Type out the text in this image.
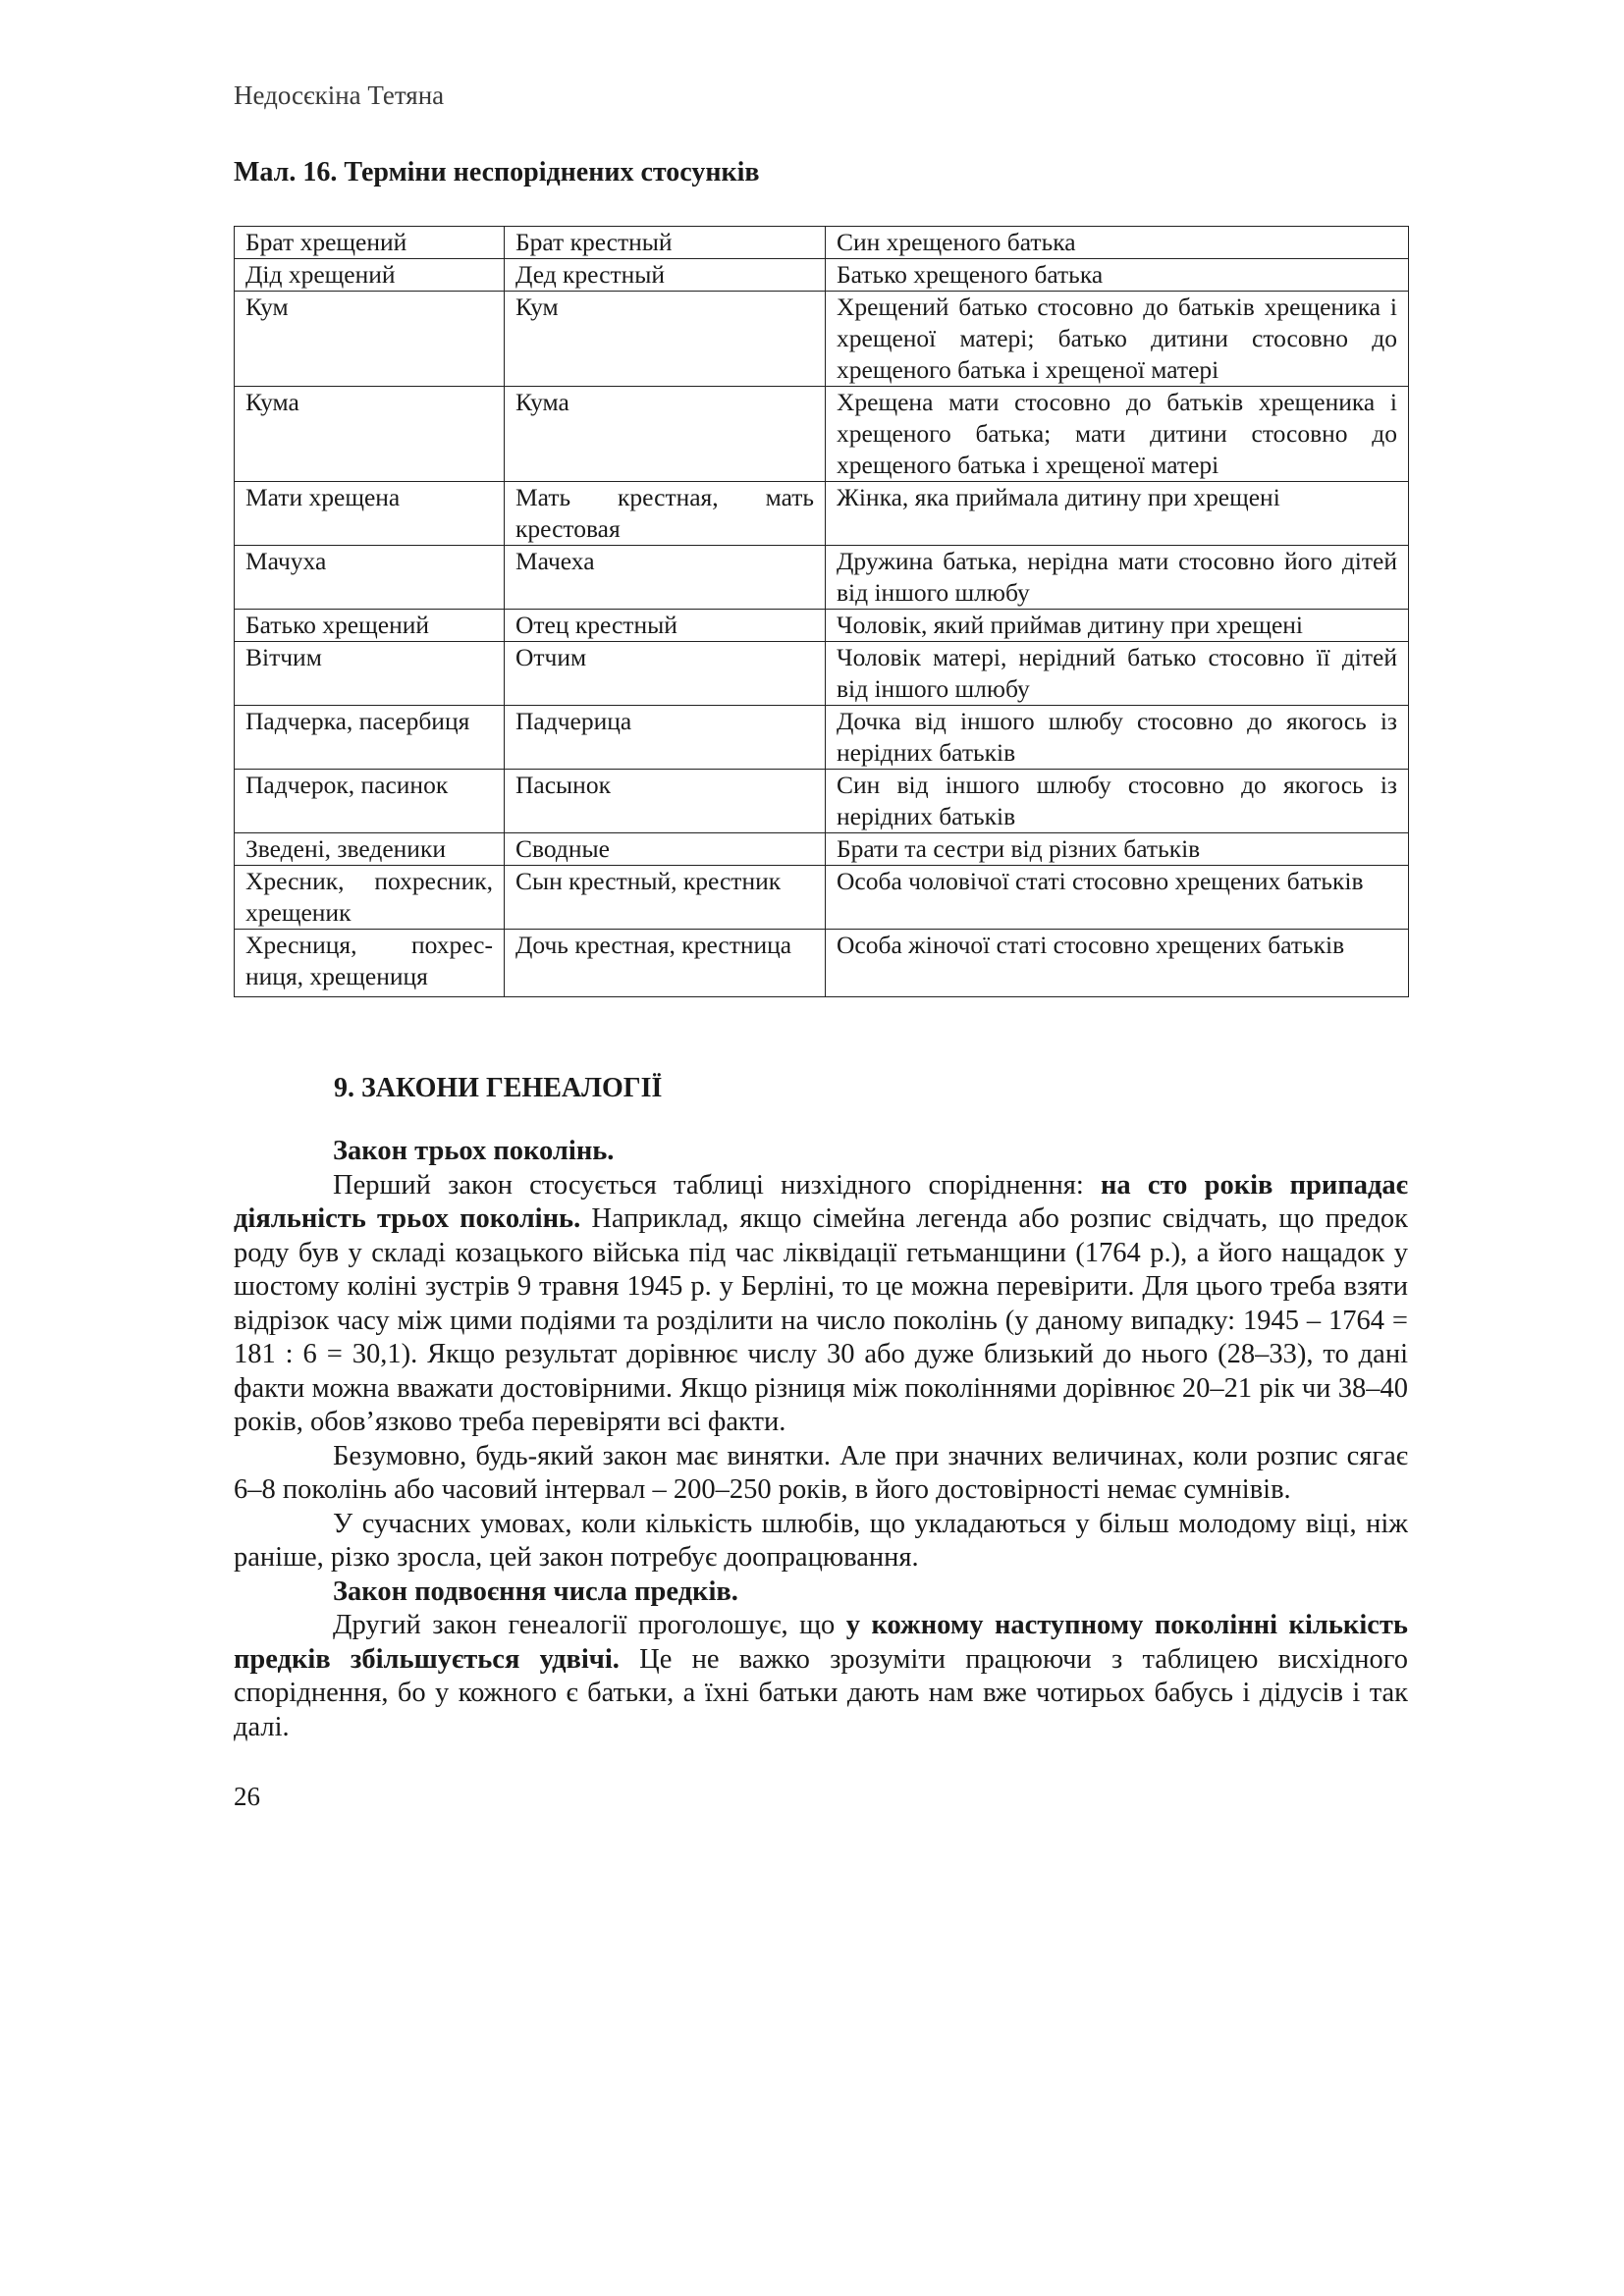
Недосєкіна Тетяна
Мал. 16. Терміни неспоріднених стосунків
Брат хрещений	Брат крестный	Син хрещеного батька
Дід хрещений	Дед крестный	Батько хрещеного батька
Кум	Кум	Хрещений батько стосовно до батьків хрещеника і хрещеної матері; батько дитини стосовно до хрещеного батька і хрещеної матері
Кума	Кума	Хрещена мати стосовно до батьків хрещеника і хрещеного батька; мати дитини стосовно до хрещеного батька і хрещеної матері
Мати хрещена	Мать крестная, мать крестовая	Жінка, яка приймала дитину при хрещені
Мачуха	Мачеха	Дружина батька, нерідна мати стосовно його дітей від іншого шлюбу
Батько хрещений	Отец крестный	Чоловік, який приймав дитину при хрещені
Вітчим	Отчим	Чоловік матері, нерідний батько стосовно її дітей від іншого шлюбу
Падчерка, пасербиця	Падчерица	Дочка від іншого шлюбу стосовно до якогось із нерідних батьків
Падчерок, пасинок	Пасынок	Син від іншого шлюбу стосовно до якогось із нерідних батьків
Зведені, зведеники	Сводные	Брати та сестри від різних батьків
Хресник, похресник, хрещеник	Сын крестный, крестник	Особа чоловічої статі стосовно хрещених батьків
Хресниця, похресниця, хрещениця	Дочь крестная, крестница	Особа жіночої статі стосовно хрещених батьків
9. ЗАКОНИ ГЕНЕАЛОГІЇ

Закон трьох поколінь.

Перший закон стосується таблиці низхідного споріднення: на сто років припадає діяльність трьох поколінь. Наприклад, якщо сімейна легенда або розпис свідчать, що предок роду був у складі козацького війська під час ліквідації гетьманщини (1764 р.), а його нащадок у шостому коліні зустрів 9 травня 1945 р. у Берліні, то це можна перевірити. Для цього треба взяти відрізок часу між цими подіями та розділити на число поколінь (у даному випадку: 1945 – 1764 = 181 : 6 = 30,1). Якщо результат дорівнює числу 30 або дуже близький до нього (28–33), то дані факти можна вважати достовірними. Якщо різниця між поколіннями дорівнює 20–21 рік чи 38–40 років, обов’язково треба перевіряти всі факти.

Безумовно, будь-який закон має винятки. Але при значних величинах, коли розпис сягає 6–8 поколінь або часовий інтервал – 200–250 років, в його достовірності немає сумнівів.

У сучасних умовах, коли кількість шлюбів, що укладаються у більш молодому віці, ніж раніше, різко зросла, цей закон потребує доопрацювання.

Закон подвоєння числа предків.

Другий закон генеалогії проголошує, що у кожному наступному поколінні кількість предків збільшується удвічі. Це не важко зрозуміти працюючи з таблицею висхідного споріднення, бо у кожного є батьки, а їхні батьки дають нам вже чотирьох бабусь і дідусів і так далі.

26
